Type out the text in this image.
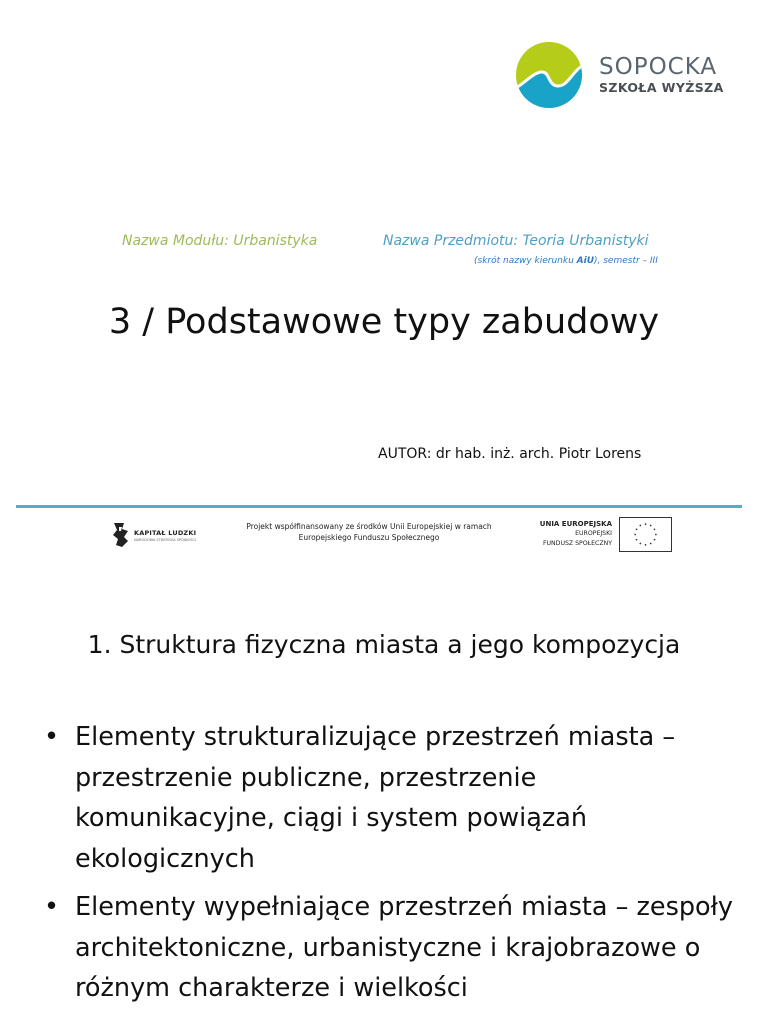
SOPOCKA
SZKOŁA WYŻSZA
Nazwa Modułu: Urbanistyka	Nazwa Przedmiotu: Teoria Urbanistyki
(skrót nazwy kierunku AiU), semestr – III
3 / Podstawowe typy zabudowy
AUTOR: dr hab. inż. arch. Piotr Lorens
KAPITAŁ LUDZKI
NARODOWA STRATEGIA SPÓJNOŚCI
Projekt współfinansowany ze środków Unii Europejskiej w ramach Europejskiego Funduszu Społecznego
UNIA EUROPEJSKA
EUROPEJSKI
FUNDUSZ SPOŁECZNY
1. Struktura fizyczna miasta a jego kompozycja
• Elementy strukturalizujące przestrzeń miasta – przestrzenie publiczne, przestrzenie komunikacyjne, ciągi i system powiązań ekologicznych
• Elementy wypełniające przestrzeń miasta – zespoły architektoniczne, urbanistyczne i krajobrazowe o różnym charakterze i wielkości
